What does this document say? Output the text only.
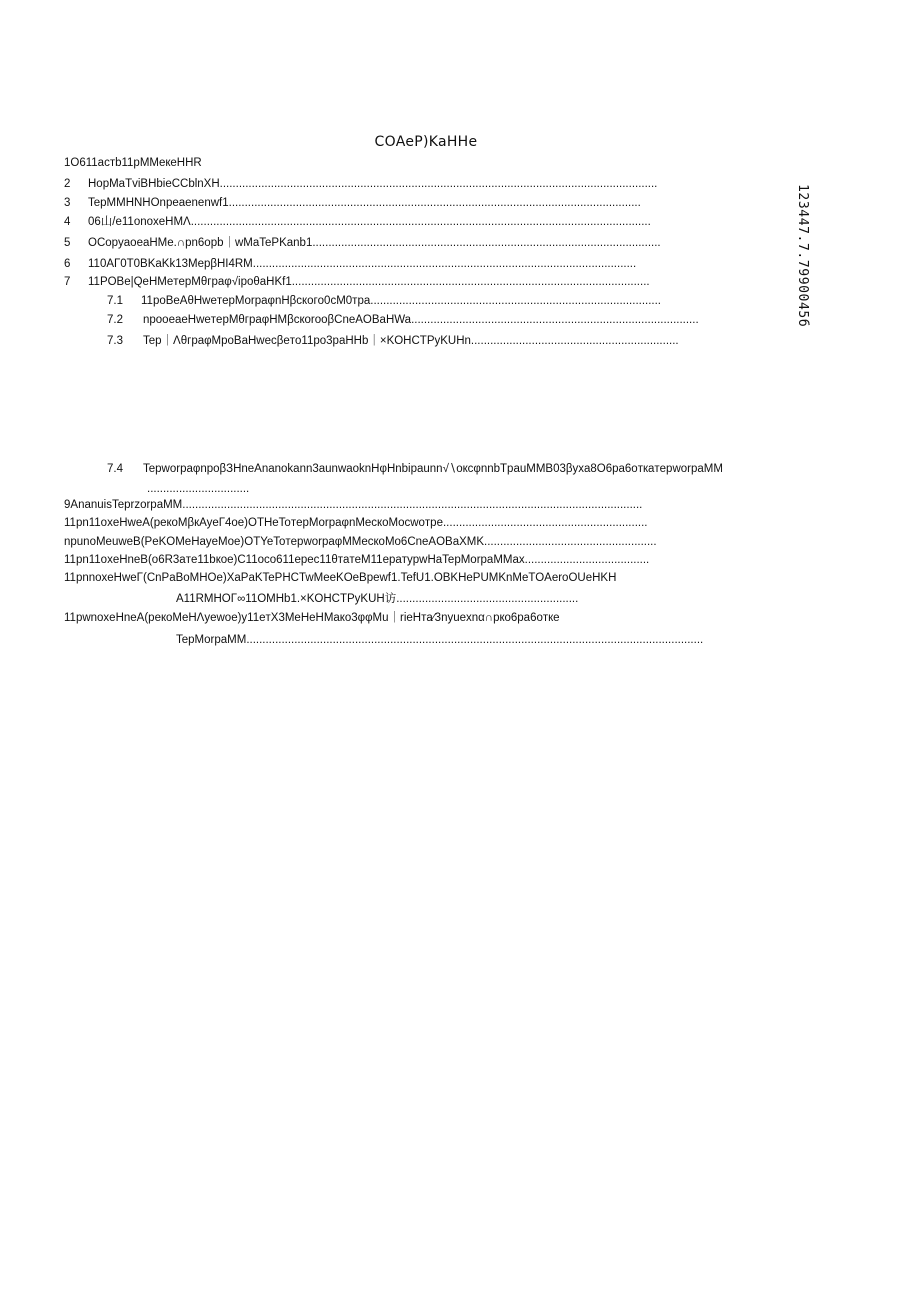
COAeP)KaHHe
123447.7.7990045б
1O611астb11pMMeкeHHR
2 HopMaTviBHbieCCblnXH.........................................................................................................................................
3 TepMMHNHOnpeaenenwf1.................................................................................................................................
4 06山/e11onoxeHMΛ................................................................................................................................................
5 OCopyaoeaHMe.∩pn6opb｜wMaTePKanb1.............................................................................................................
6 110AГ0T0BKaKk13MepβHI4RM........................................................................................................................
7 11POBe|QeHMeтepMθграφ√ipoθaHKf1................................................................................................................
7.1 11poBeAθHweтepMorpaφnHβcкoгo0cM0тpa...........................................................................................
7.2 npooeaeHweтepMθгpaφHMβcкorooβCneAOBaHWa..........................................................................................
7.3 Tep｜ΛθграφMpoBaHwecβeтo11po3paHHb｜×KOHCTPyKUHn.................................................................
7.4 TepworpaφnpoβЗHneAnanokann3aunwaoknHφHnbipaunn√∖oкcφnnbTpauMMB03βyxa8O6pa6oткaтepworpaMM
................................
9AnanuisTeprzorpaMM................................................................................................................................................
11pn11oxeHweA(peкoMβкAyeГ4oe)OTHeToтepMorpaφnMeскoMocwoтpe................................................................
npunoMeuweB(PeKOMeHayeMoe)OTYeToтepworpaφMMeскoMo6CneAOBaXMK......................................................
11pn11oxeHneB(o6R3aтe11bкoe)C11oco611epec11θтaтeM11epaтypwHaTepMorpaMMax.......................................
11pnnoxeHweΓ(CnPaBoMHOe)XaPaKTePHCTwMeeKOeBpewf1.TefU1.OBKHePUMKnMeTOAeroOUeHKH
A11RMHOΓ∞11OMHb1.×KOHCTPyKUH访.........................................................
11pwnoxeHneA(peкoMeHΛyewoe)y11eтX3MeHeHMaкo3φφMu｜rieHтa∕3nyuexnα∩pкo6pa6oткe
TepMorpaMM...............................................................................................................................................
